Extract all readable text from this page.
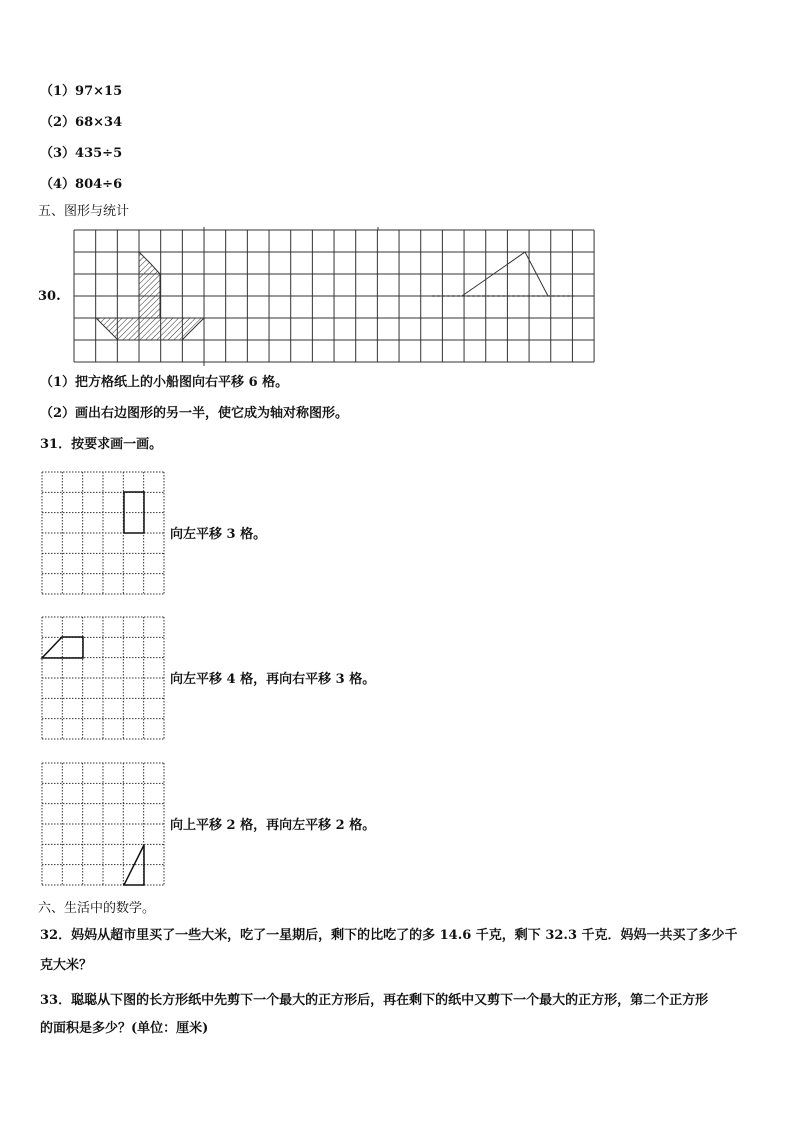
（1）97×15
（2）68×34
（3）435÷5
（4）804÷6
五、图形与统计
30.
（1）把方格纸上的小船图向右平移 6 格。
（2）画出右边图形的另一半，使它成为轴对称图形。
31．按要求画一画。
向左平移 3 格。
向左平移 4 格，再向右平移 3 格。
向上平移 2 格，再向左平移 2 格。
六、生活中的数学。
32．妈妈从超市里买了一些大米，吃了一星期后，剩下的比吃了的多 14.6 千克，剩下 32.3 千克．妈妈一共买了多少千
克大米？
33．聪聪从下图的长方形纸中先剪下一个最大的正方形后，再在剩下的纸中又剪下一个最大的正方形，第二个正方形
的面积是多少？(单位：厘米)
